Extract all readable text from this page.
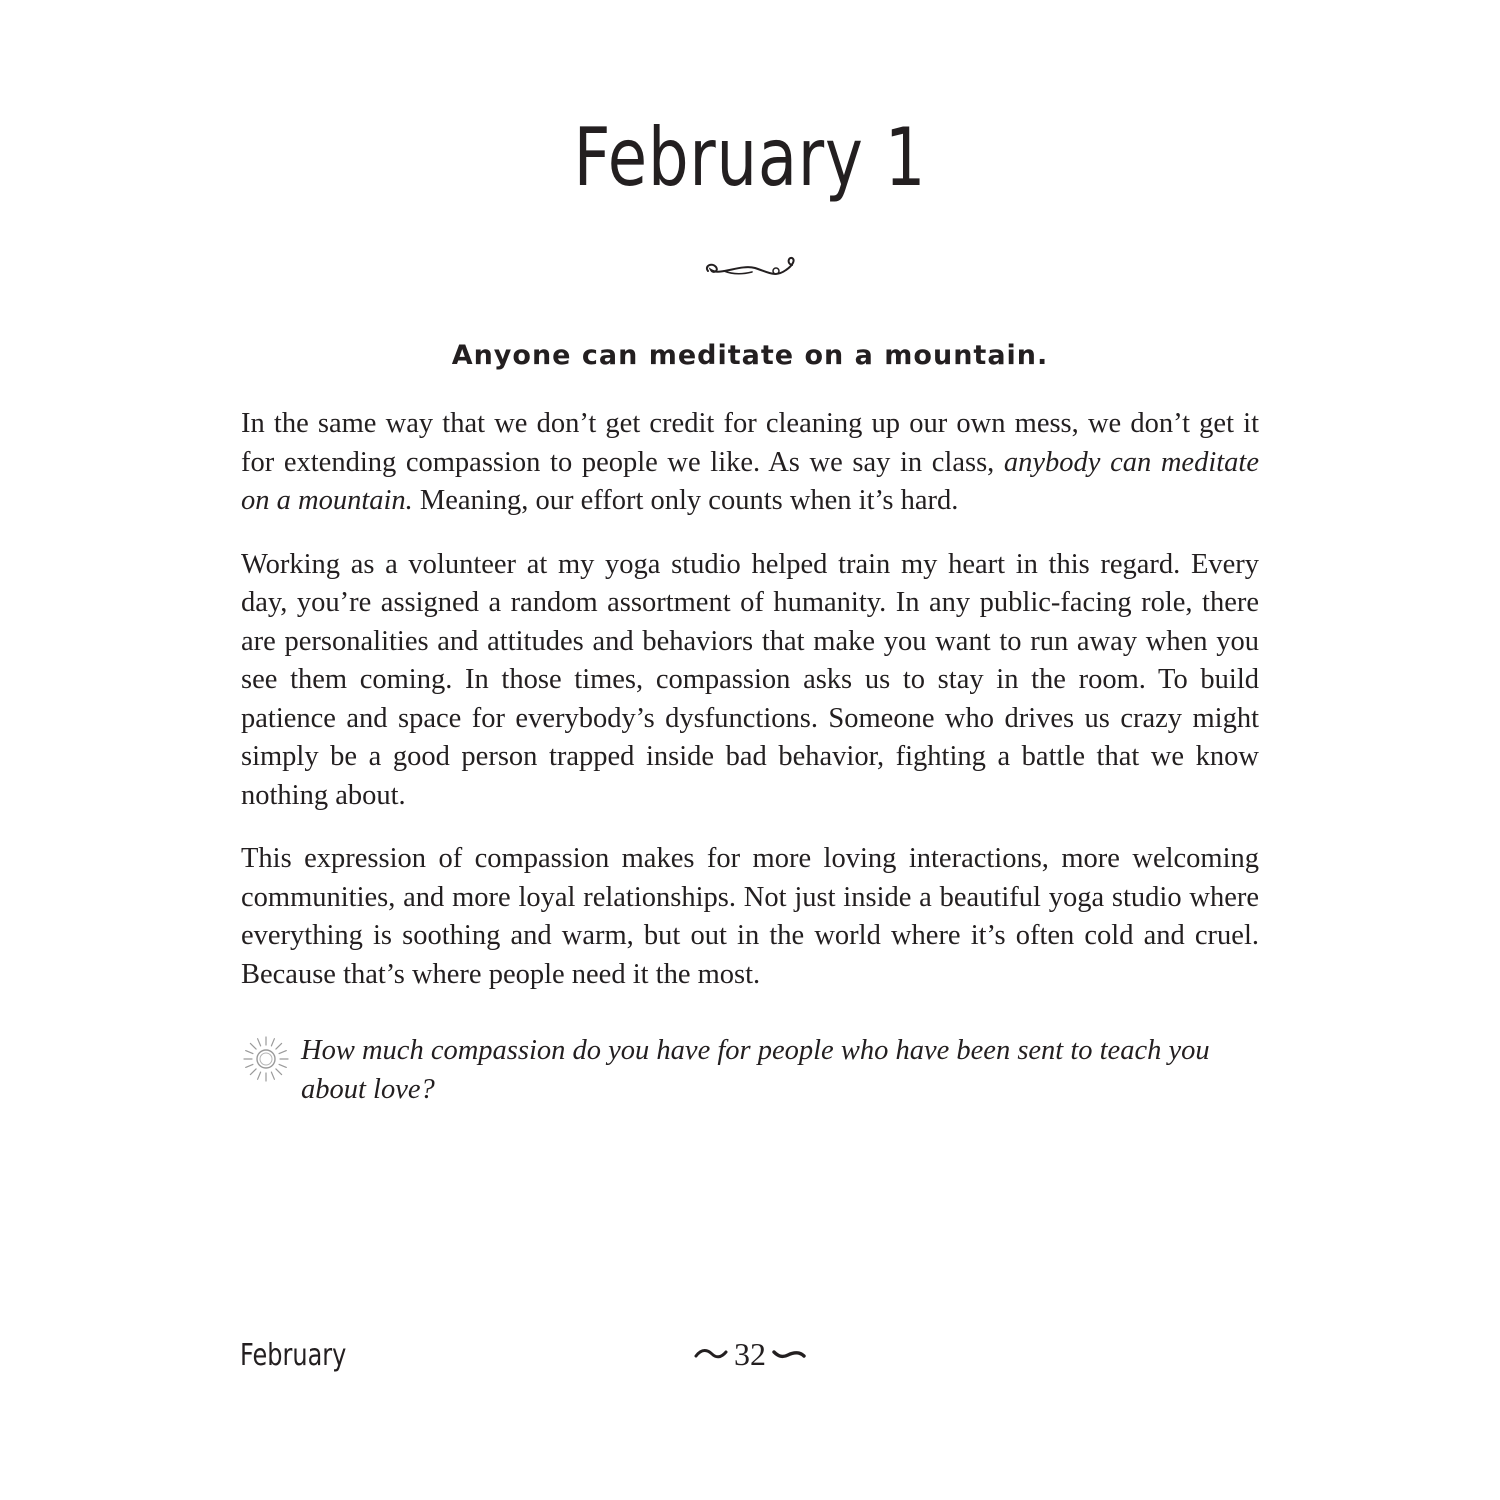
February 1
Anyone can meditate on a mountain.

In the same way that we don’t get credit for cleaning up our own mess, we don’t get it for extending compassion to people we like. As we say in class, anybody can meditate on a mountain. Meaning, our effort only counts when it’s hard.

Working as a volunteer at my yoga studio helped train my heart in this regard. Every day, you’re assigned a random assortment of humanity. In any public-facing role, there are personalities and attitudes and behaviors that make you want to run away when you see them coming. In those times, compassion asks us to stay in the room. To build patience and space for everybody’s dysfunctions. Someone who drives us crazy might simply be a good person trapped inside bad behavior, fighting a battle that we know nothing about.

This expression of compassion makes for more loving interactions, more welcoming communities, and more loyal relationships. Not just inside a beautiful yoga studio where everything is soothing and warm, but out in the world where it’s often cold and cruel. Because that’s where people need it the most.

How much compassion do you have for people who have been sent to teach you about love?

February	32
